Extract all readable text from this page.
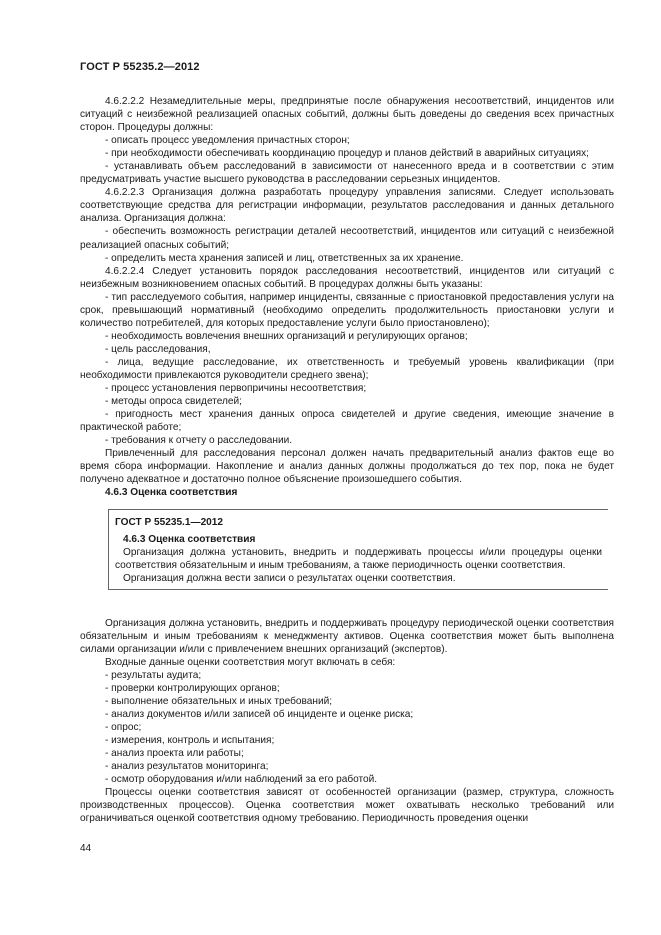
ГОСТ Р 55235.2—2012

4.6.2.2.2 Незамедлительные меры, предпринятые после обнаружения несоответствий, инцидентов или ситуаций с неизбежной реализацией опасных событий, должны быть доведены до сведения всех причастных сторон. Процедуры должны:

- описать процесс уведомления причастных сторон;

- при необходимости обеспечивать координацию процедур и планов действий в аварийных ситуациях;

- устанавливать объем расследований в зависимости от нанесенного вреда и в соответствии с этим предусматривать участие высшего руководства в расследовании серьезных инцидентов.

4.6.2.2.3 Организация должна разработать процедуру управления записями. Следует использовать соответствующие средства для регистрации информации, результатов расследования и данных детального анализа. Организация должна:

- обеспечить возможность регистрации деталей несоответствий, инцидентов или ситуаций с неизбежной реализацией опасных событий;

- определить места хранения записей и лиц, ответственных за их хранение.

4.6.2.2.4 Следует установить порядок расследования несоответствий, инцидентов или ситуаций с неизбежным возникновением опасных событий. В процедурах должны быть указаны:

- тип расследуемого события, например инциденты, связанные с приостановкой предоставления услуги на срок, превышающий нормативный (необходимо определить продолжительность приостановки услуги и количество потребителей, для которых предоставление услуги было приостановлено);

- необходимость вовлечения внешних организаций и регулирующих органов;

- цель расследования,

- лица, ведущие расследование, их ответственность и требуемый уровень квалификации (при необходимости привлекаются руководители среднего звена);

- процесс установления первопричины несоответствия;

- методы опроса свидетелей;

- пригодность мест хранения данных опроса свидетелей и другие сведения, имеющие значение в практической работе;

- требования к отчету о расследовании.

Привлеченный для расследования персонал должен начать предварительный анализ фактов еще во время сбора информации. Накопление и анализ данных должны продолжаться до тех пор, пока не будет получено адекватное и достаточно полное объяснение произошедшего события.

4.6.3 Оценка соответствия

ГОСТ Р 55235.1—2012

4.6.3 Оценка соответствия

Организация должна установить, внедрить и поддерживать процессы и/или процедуры оценки соответствия обязательным и иным требованиям, а также периодичность оценки соответствия.

Организация должна вести записи о результатах оценки соответствия.

Организация должна установить, внедрить и поддерживать процедуру периодической оценки соответствия обязательным и иным требованиям к менеджменту активов. Оценка соответствия может быть выполнена силами организации и/или с привлечением внешних организаций (экспертов).

Входные данные оценки соответствия могут включать в себя:

- результаты аудита;

- проверки контролирующих органов;

- выполнение обязательных и иных требований;

- анализ документов и/или записей об инциденте и оценке риска;

- опрос;

- измерения, контроль и испытания;

- анализ проекта или работы;

- анализ результатов мониторинга;

- осмотр оборудования и/или наблюдений за его работой.

Процессы оценки соответствия зависят от особенностей организации (размер, структура, сложность производственных процессов). Оценка соответствия может охватывать несколько требований или ограничиваться оценкой соответствия одному требованию. Периодичность проведения оценки

44
